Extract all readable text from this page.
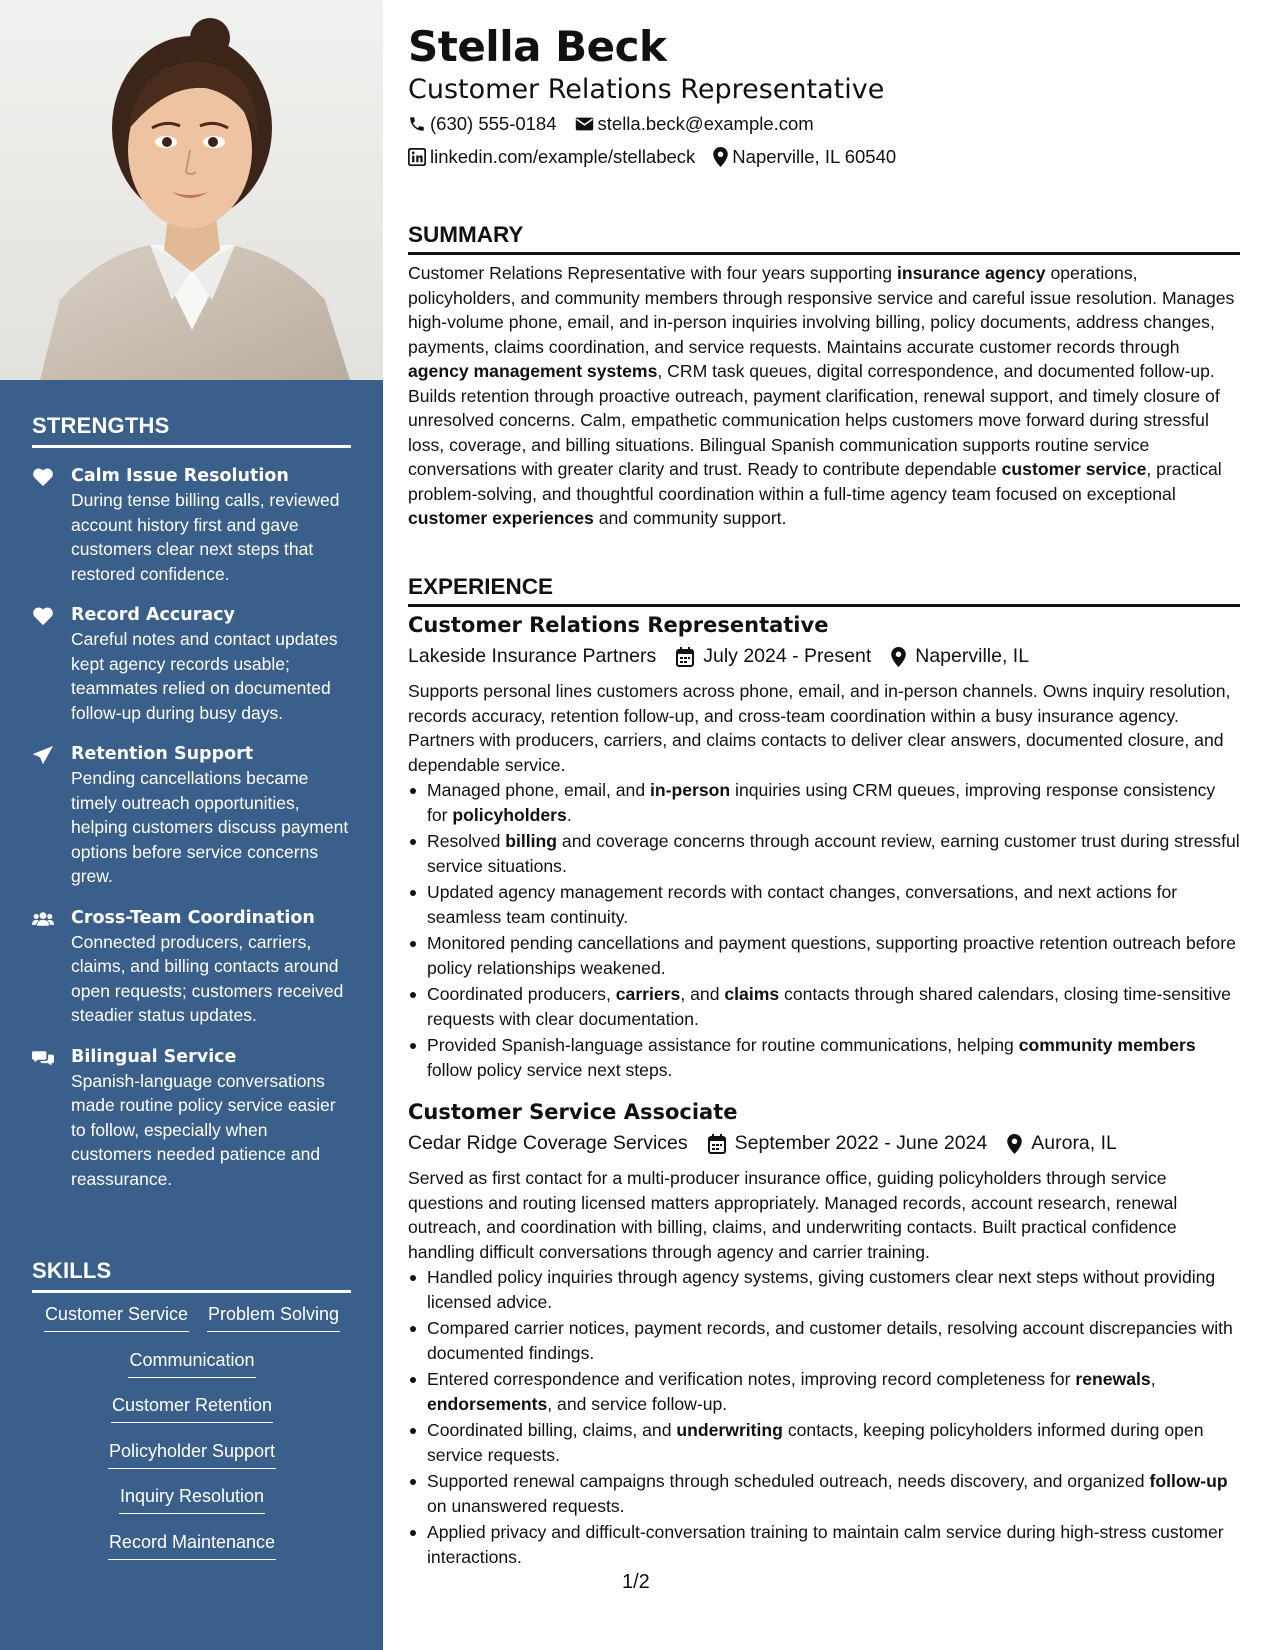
STRENGTHS
Calm Issue Resolution
During tense billing calls, reviewed account history first and gave customers clear next steps that restored confidence.
Record Accuracy
Careful notes and contact updates kept agency records usable; teammates relied on documented follow-up during busy days.
Retention Support
Pending cancellations became timely outreach opportunities, helping customers discuss payment options before service concerns grew.
Cross-Team Coordination
Connected producers, carriers, claims, and billing contacts around open requests; customers received steadier status updates.
Bilingual Service
Spanish-language conversations made routine policy service easier to follow, especially when customers needed patience and reassurance.
SKILLS
Customer Service Problem Solving
Communication
Customer Retention
Policyholder Support
Inquiry Resolution
Record Maintenance
Stella Beck
Customer Relations Representative
(630) 555-0184 stella.beck@example.com
linkedin.com/example/stellabeck Naperville, IL 60540
SUMMARY

Customer Relations Representative with four years supporting insurance agency operations, policyholders, and community members through responsive service and careful issue resolution. Manages high-volume phone, email, and in-person inquiries involving billing, policy documents, address changes, payments, claims coordination, and service requests. Maintains accurate customer records through agency management systems, CRM task queues, digital correspondence, and documented follow-up. Builds retention through proactive outreach, payment clarification, renewal support, and timely closure of unresolved concerns. Calm, empathetic communication helps customers move forward during stressful loss, coverage, and billing situations. Bilingual Spanish communication supports routine service conversations with greater clarity and trust. Ready to contribute dependable customer service, practical problem-solving, and thoughtful coordination within a full-time agency team focused on exceptional customer experiences and community support.

EXPERIENCE
Customer Relations Representative
Lakeside Insurance Partners July 2024 - Present Naperville, IL

Supports personal lines customers across phone, email, and in-person channels. Owns inquiry resolution, records accuracy, retention follow-up, and cross-team coordination within a busy insurance agency. Partners with producers, carriers, and claims contacts to deliver clear answers, documented closure, and dependable service.

Managed phone, email, and in-person inquiries using CRM queues, improving response consistency for policyholders.
Resolved billing and coverage concerns through account review, earning customer trust during stressful service situations.
Updated agency management records with contact changes, conversations, and next actions for seamless team continuity.
Monitored pending cancellations and payment questions, supporting proactive retention outreach before policy relationships weakened.
Coordinated producers, carriers, and claims contacts through shared calendars, closing time-sensitive requests with clear documentation.
Provided Spanish-language assistance for routine communications, helping community members follow policy service next steps.
Customer Service Associate
Cedar Ridge Coverage Services September 2022 - June 2024 Aurora, IL

Served as first contact for a multi-producer insurance office, guiding policyholders through service questions and routing licensed matters appropriately. Managed records, account research, renewal outreach, and coordination with billing, claims, and underwriting contacts. Built practical confidence handling difficult conversations through agency and carrier training.

Handled policy inquiries through agency systems, giving customers clear next steps without providing licensed advice.
Compared carrier notices, payment records, and customer details, resolving account discrepancies with documented findings.
Entered correspondence and verification notes, improving record completeness for renewals, endorsements, and service follow-up.
Coordinated billing, claims, and underwriting contacts, keeping policyholders informed during open service requests.
Supported renewal campaigns through scheduled outreach, needs discovery, and organized follow-up on unanswered requests.
Applied privacy and difficult-conversation training to maintain calm service during high-stress customer interactions.
1/2
